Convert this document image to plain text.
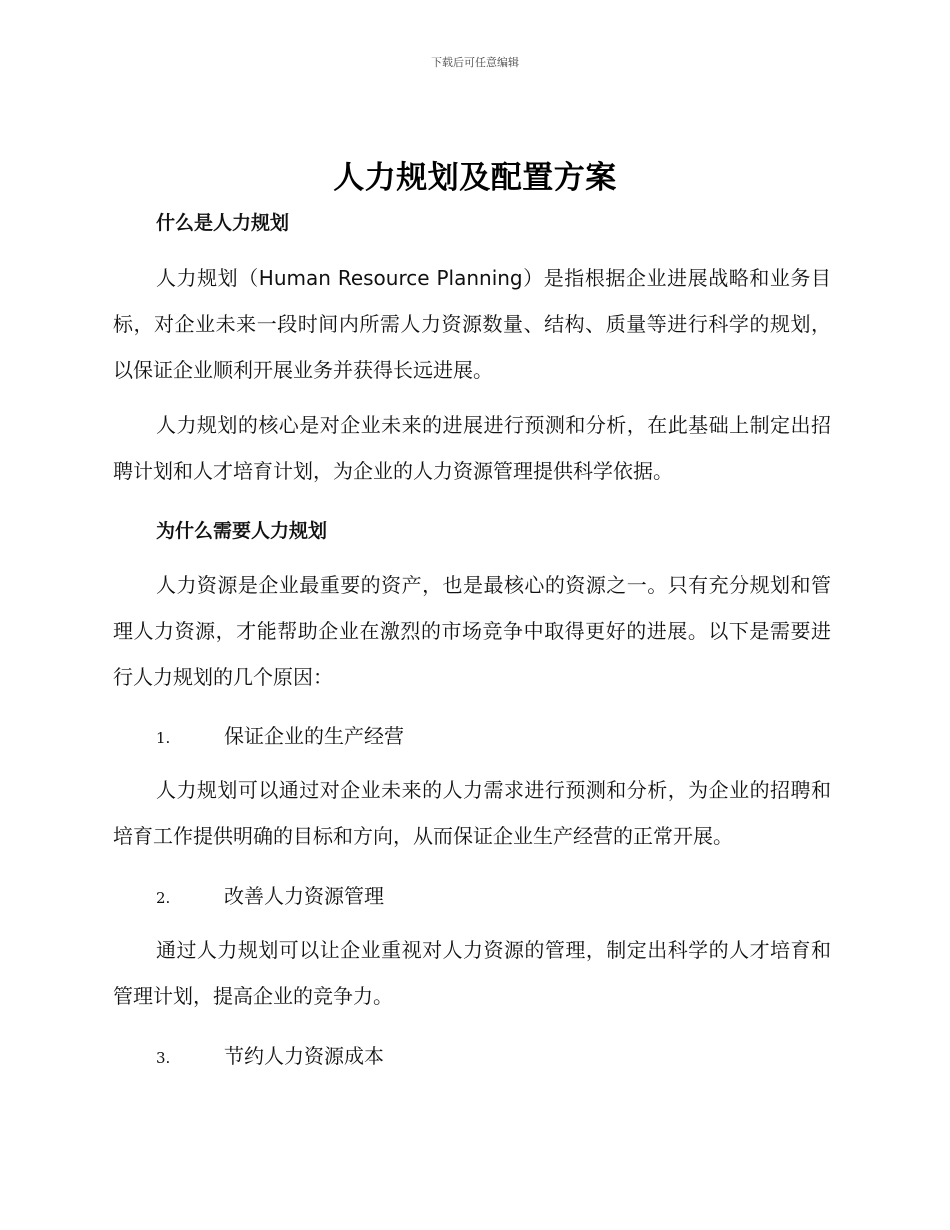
下载后可任意编辑
人力规划及配置方案
什么是人力规划
人力规划（Human Resource Planning）是指根据企业进展战略和业务目标，对企业未来一段时间内所需人力资源数量、结构、质量等进行科学的规划，以保证企业顺利开展业务并获得长远进展。
人力规划的核心是对企业未来的进展进行预测和分析，在此基础上制定出招聘计划和人才培育计划，为企业的人力资源管理提供科学依据。
为什么需要人力规划
人力资源是企业最重要的资产，也是最核心的资源之一。只有充分规划和管理人力资源，才能帮助企业在激烈的市场竞争中取得更好的进展。以下是需要进行人力规划的几个原因：
1.	保证企业的生产经营
人力规划可以通过对企业未来的人力需求进行预测和分析，为企业的招聘和培育工作提供明确的目标和方向，从而保证企业生产经营的正常开展。
2.	改善人力资源管理
通过人力规划可以让企业重视对人力资源的管理，制定出科学的人才培育和管理计划，提高企业的竞争力。
3.	节约人力资源成本
